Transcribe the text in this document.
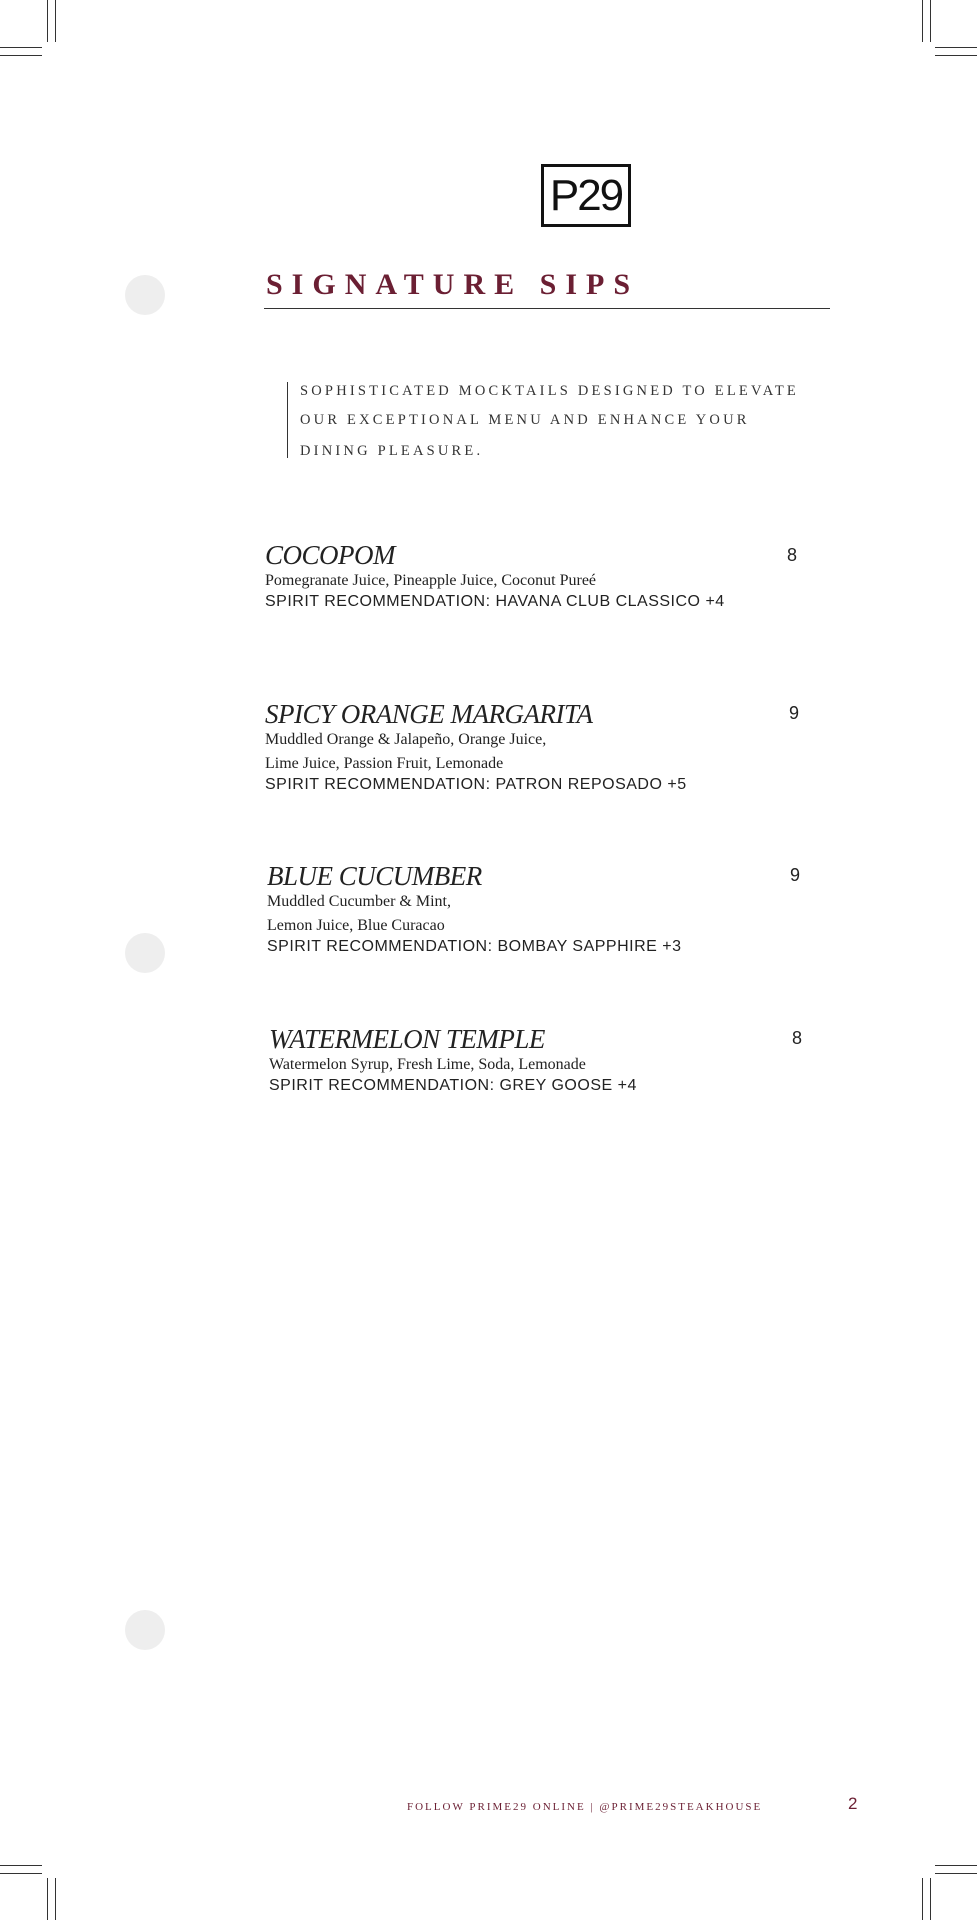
P29
SIGNATURE SIPS
SOPHISTICATED MOCKTAILS DESIGNED TO ELEVATE
OUR EXCEPTIONAL MENU AND ENHANCE YOUR
DINING PLEASURE.
COCOPOM
Pomegranate Juice, Pineapple Juice, Coconut Pureé
SPIRIT RECOMMENDATION: HAVANA CLUB CLASSICO +4
8
SPICY ORANGE MARGARITA
Muddled Orange & Jalapeño, Orange Juice,
Lime Juice, Passion Fruit, Lemonade
SPIRIT RECOMMENDATION: PATRON REPOSADO +5
9
BLUE CUCUMBER
Muddled Cucumber & Mint,
Lemon Juice, Blue Curacao
SPIRIT RECOMMENDATION: BOMBAY SAPPHIRE +3
9
WATERMELON TEMPLE
Watermelon Syrup, Fresh Lime, Soda, Lemonade
SPIRIT RECOMMENDATION: GREY GOOSE +4
8
FOLLOW PRIME29 ONLINE | @PRIME29STEAKHOUSE	2
